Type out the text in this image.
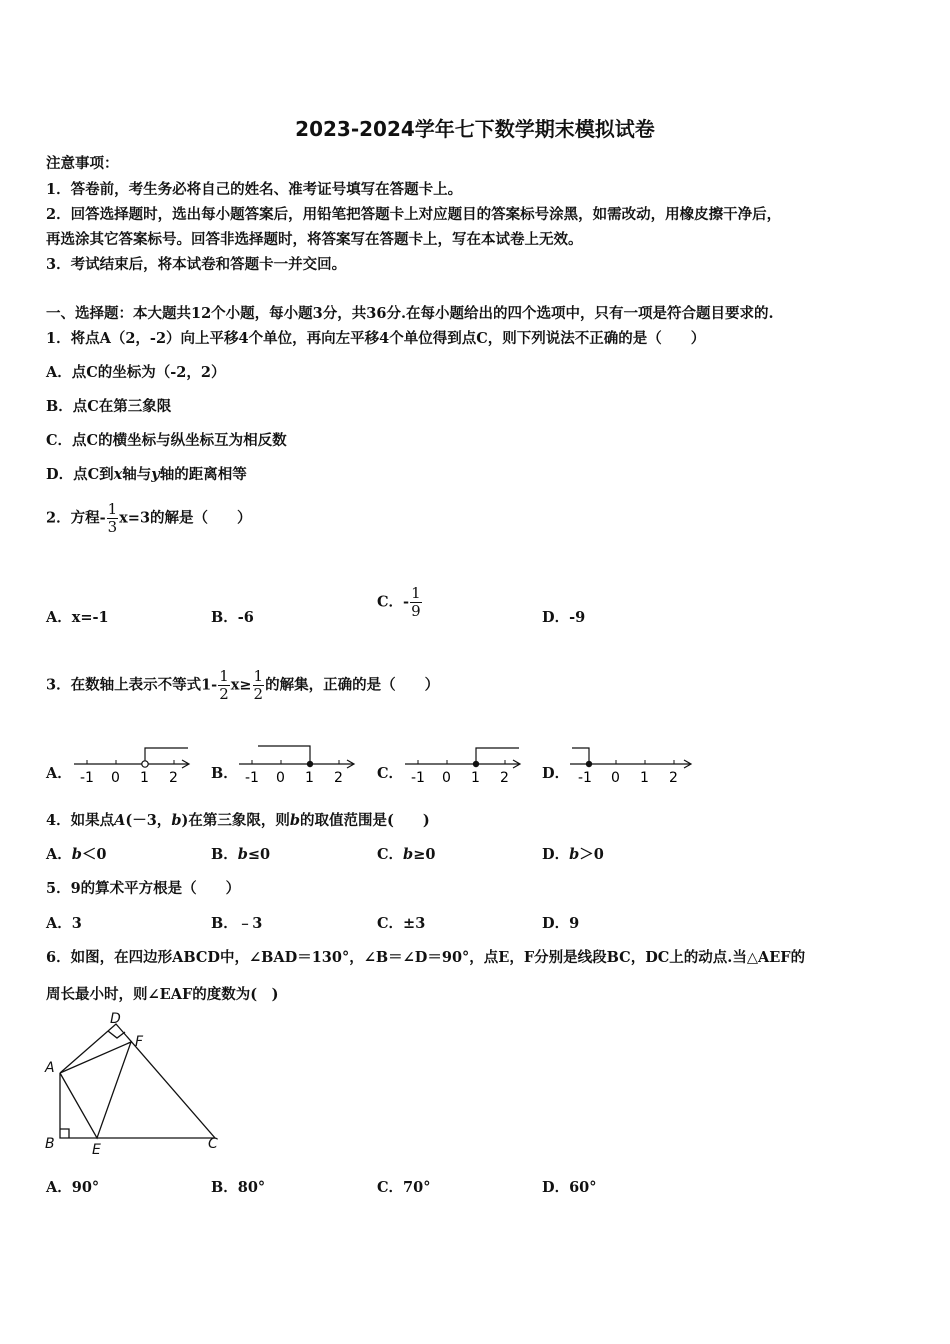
2023-2024学年七下数学期末模拟试卷
注意事项：
1．答卷前，考生务必将自己的姓名、准考证号填写在答题卡上。
2．回答选择题时，选出每小题答案后，用铅笔把答题卡上对应题目的答案标号涂黑，如需改动，用橡皮擦干净后，
再选涂其它答案标号。回答非选择题时，将答案写在答题卡上，写在本试卷上无效。
3．考试结束后，将本试卷和答题卡一并交回。
一、选择题：本大题共12个小题，每小题3分，共36分.在每小题给出的四个选项中，只有一项是符合题目要求的.
1．将点A（2，-2）向上平移4个单位，再向左平移4个单位得到点C，则下列说法不正确的是（　　）
A．点C的坐标为（-2，2）
B．点C在第三象限
C．点C的横坐标与纵坐标互为相反数
D．点C到x轴与y轴的距离相等
2．方程- $\frac{1}{3} x=3$的解是（　　）
A．x=-1	B．-6
C．- $\frac{1}{9}$	D．-9
3．在数轴上表示不等式$1- \frac{1}{2} x\ge \frac{1}{2}$ 的解集，正确的是（　　）
A． -1 0 1 2 B． -1 0 1 2 C． -1 0 1 2 D． -1 0 1 2
4．如果点A(－3，b)在第三象限，则b的取值范围是(　　)
A．b＜0	B．b≤0	C．b≥0	D．b＞0
5．9的算术平方根是（　　）
A．3	B．﹣3	C．±3	D．9
6．如图，在四边形ABCD中，∠BAD＝130°，∠B＝∠D＝90°，点E，F分别是线段BC，DC上的动点.当△AEF的
周长最小时，则∠EAF的度数为(　)
A
B	C
D
E
F
A．90°	B．80°	C．70°	D．60°
